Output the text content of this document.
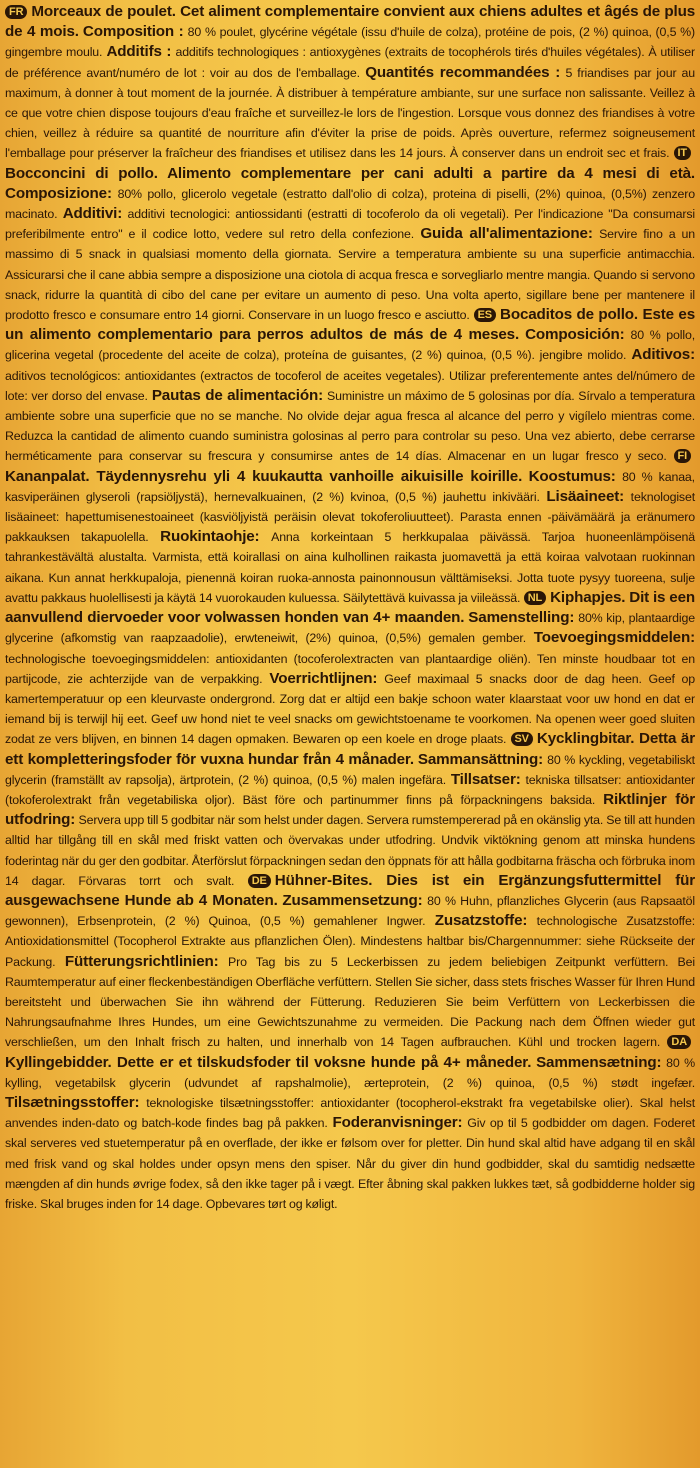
FR Morceaux de poulet. Cet aliment complementaire convient aux chiens adultes et âgés de plus de 4 mois. Composition : 80 % poulet, glycérine végétale (issu d'huile de colza), protéine de pois, (2 %) quinoa, (0,5 %) gingembre moulu. Additifs : additifs technologiques : antioxygènes (extraits de tocophérols tirés d'huiles végétales). À utiliser de préférence avant/numéro de lot : voir au dos de l'emballage. Quantités recommandées : 5 friandises par jour au maximum, à donner à tout moment de la journée. À distribuer à température ambiante, sur une surface non salissante. Veillez à ce que votre chien dispose toujours d'eau fraîche et surveillez-le lors de l'ingestion. Lorsque vous donnez des friandises à votre chien, veillez à réduire sa quantité de nourriture afin d'éviter la prise de poids. Après ouverture, refermez soigneusement l'emballage pour préserver la fraîcheur des friandises et utilisez dans les 14 jours. À conserver dans un endroit sec et frais. ITBocconcini di pollo. Alimento complementare per cani adulti a partire da 4 mesi di età. Composizione: 80% pollo, glicerolo vegetale (estratto dall'olio di colza), proteina di piselli, (2%) quinoa, (0,5%) zenzero macinato. Additivi: additivi tecnologici: antiossidanti (estratti di tocoferolo da oli vegetali). Per l'indicazione "Da consumarsi preferibilmente entro" e il codice lotto, vedere sul retro della confezione. Guida all'alimentazione: Servire fino a un massimo di 5 snack in qualsiasi momento della giornata. Servire a temperatura ambiente su una superficie antimacchia. Assicurarsi che il cane abbia sempre a disposizione una ciotola di acqua fresca e sorvegliarlo mentre mangia. Quando si servono snack, ridurre la quantità di cibo del cane per evitare un aumento di peso. Una volta aperto, sigillare bene per mantenere il prodotto fresco e consumare entro 14 giorni. Conservare in un luogo fresco e asciutto. ES Bocaditos de pollo. Este es un alimento complementario para perros adultos de más de 4 meses. Composición: 80 % pollo, glicerina vegetal (procedente del aceite de colza), proteína de guisantes, (2 %) quinoa, (0,5 %). jengibre molido. Aditivos: aditivos tecnológicos: antioxidantes (extractos de tocoferol de aceites vegetales). Utilizar preferentemente antes del/número de lote: ver dorso del envase. Pautas de alimentación: Suministre un máximo de 5 golosinas por día. Sírvalo a temperatura ambiente sobre una superficie que no se manche. No olvide dejar agua fresca al alcance del perro y vigílelo mientras come. Reduzca la cantidad de alimento cuando suministra golosinas al perro para controlar su peso. Una vez abierto, debe cerrarse herméticamente para conservar su frescura y consumirse antes de 14 días. Almacenar en un lugar fresco y seco. FIKananpalat. Täydennysrehu yli 4 kuukautta vanhoille aikuisille koirille. Koostumus: 80 % kanaa, kasviperäinen glyseroli (rapsiöljystä), hernevalkuainen, (2 %) kvinoa, (0,5 %) jauhettu inkivääri. Lisäaineet: teknologiset lisäaineet: hapettumisenestoaineet (kasviöljyistä peräisin olevat tokoferoliuutteet). Parasta ennen -päivämäärä ja eränumero pakkauksen takapuolella. Ruokintaohje: Anna korkeintaan 5 herkkupalaa päivässä. Tarjoa huoneenlämpöisenä tahrankestävältä alustalta. Varmista, että koirallasi on aina kulhollinen raikasta juomavettä ja että koiraa valvotaan ruokinnan aikana. Kun annat herkkupaloja, pienennä koiran ruoka-annosta painonnousun välttämiseksi. Jotta tuote pysyy tuoreena, sulje avattu pakkaus huolellisesti ja käytä 14 vuorokauden kuluessa. Säilytettävä kuivassa ja viileässä. NL Kiphapjes. Dit is een aanvullend diervoeder voor volwassen honden van 4+ maanden. Samenstelling: 80% kip, plantaardige glycerine (afkomstig van raapzaadolie), erwteneiwit, (2%) quinoa, (0,5%) gemalen gember. Toevoegingsmiddelen: technologische toevoegingsmiddelen: antioxidanten (tocoferolextracten van plantaardige oliën). Ten minste houdbaar tot en partijcode, zie achterzijde van de verpakking. Voerrichtlijnen: Geef maximaal 5 snacks door de dag heen. Geef op kamertemperatuur op een kleurvaste ondergrond. Zorg dat er altijd een bakje schoon water klaarstaat voor uw hond en dat er iemand bij is terwijl hij eet. Geef uw hond niet te veel snacks om gewichtstoename te voorkomen. Na openen weer goed sluiten zodat ze vers blijven, en binnen 14 dagen opmaken. Bewaren op een koele en droge plaats. SV Kycklingbitar. Detta är ett kompletteringsfoder för vuxna hundar från 4 månader. Sammansättning: 80 % kyckling, vegetabiliskt glycerin (framställt av rapsolja), ärtprotein, (2 %) quinoa, (0,5 %) malen ingefära. Tillsatser: tekniska tillsatser: antioxidanter (tokoferolextrakt från vegetabiliska oljor). Bäst före och partinummer finns på förpackningens baksida. Riktlinjer för utfodring: Servera upp till 5 godbitar när som helst under dagen. Servera rumstempererad på en okänslig yta. Se till att hunden alltid har tillgång till en skål med friskt vatten och övervakas under utfodring. Undvik viktökning genom att minska hundens foderintag när du ger den godbitar. Återförslut förpackningen sedan den öppnats för att hålla godbitarna fräscha och förbruka inom 14 dagar. Förvaras torrt och svalt. DE Hühner-Bites. Dies ist ein Ergänzungsfuttermittel für ausgewachsene Hunde ab 4 Monaten. Zusammensetzung: 80 % Huhn, pflanzliches Glycerin (aus Rapsaatöl gewonnen), Erbsenprotein, (2 %) Quinoa, (0,5 %) gemahlener Ingwer. Zusatzstoffe: technologische Zusatzstoffe: Antioxidationsmittel (Tocopherol Extrakte aus pflanzlichen Ölen). Mindestens haltbar bis/Chargennummer: siehe Rückseite der Packung. Fütterungsrichtlinien: Pro Tag bis zu 5 Leckerbissen zu jedem beliebigen Zeitpunkt verfüttern. Bei Raumtemperatur auf einer fleckenbeständigen Oberfläche verfüttern. Stellen Sie sicher, dass stets frisches Wasser für Ihren Hund bereitsteht und überwachen Sie ihn während der Fütterung. Reduzieren Sie beim Verfüttern von Leckerbissen die Nahrungsaufnahme Ihres Hundes, um eine Gewichtszunahme zu vermeiden. Die Packung nach dem Öffnen wieder gut verschließen, um den Inhalt frisch zu halten, und innerhalb von 14 Tagen aufbrauchen. Kühl und trocken lagern. DAKyllingebidder. Dette er et tilskudsfoder til voksne hunde på 4+ måneder. Sammensætning: 80 % kylling, vegetabilsk glycerin (udvundet af rapshalmolie), ærteprotein, (2 %) quinoa, (0,5 %) stødt ingefær. Tilsætningsstoffer: teknologiske tilsætningsstoffer: antioxidanter (tocopherol-ekstrakt fra vegetabilske olier). Skal helst anvendes inden-dato og batch-kode findes bag på pakken. Foderanvisninger: Giv op til 5 godbidder om dagen. Foderet skal serveres ved stuetemperatur på en overflade, der ikke er følsom over for pletter. Din hund skal altid have adgang til en skål med frisk vand og skal holdes under opsyn mens den spiser. Når du giver din hund godbidder, skal du samtidig nedsætte mængden af din hunds øvrige fodex, så den ikke tager på i vægt. Efter åbning skal pakken lukkes tæt, så godbidderne holder sig friske. Skal bruges inden for 14 dage. Opbevares tørt og køligt.
